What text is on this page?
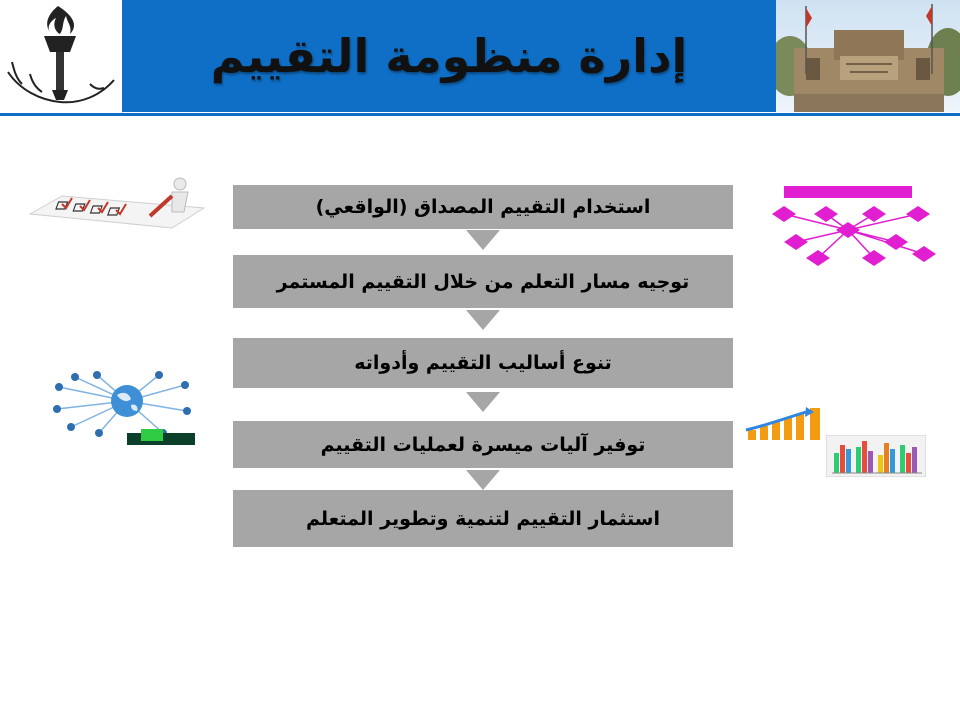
إدارة منظومة التقييم
استخدام التقييم المصداق (الواقعي)
توجيه مسار التعلم من خلال التقييم المستمر
تنوع أساليب التقييم وأدواته
توفير آليات ميسرة لعمليات التقييم
استثمار التقييم لتنمية وتطوير المتعلم
